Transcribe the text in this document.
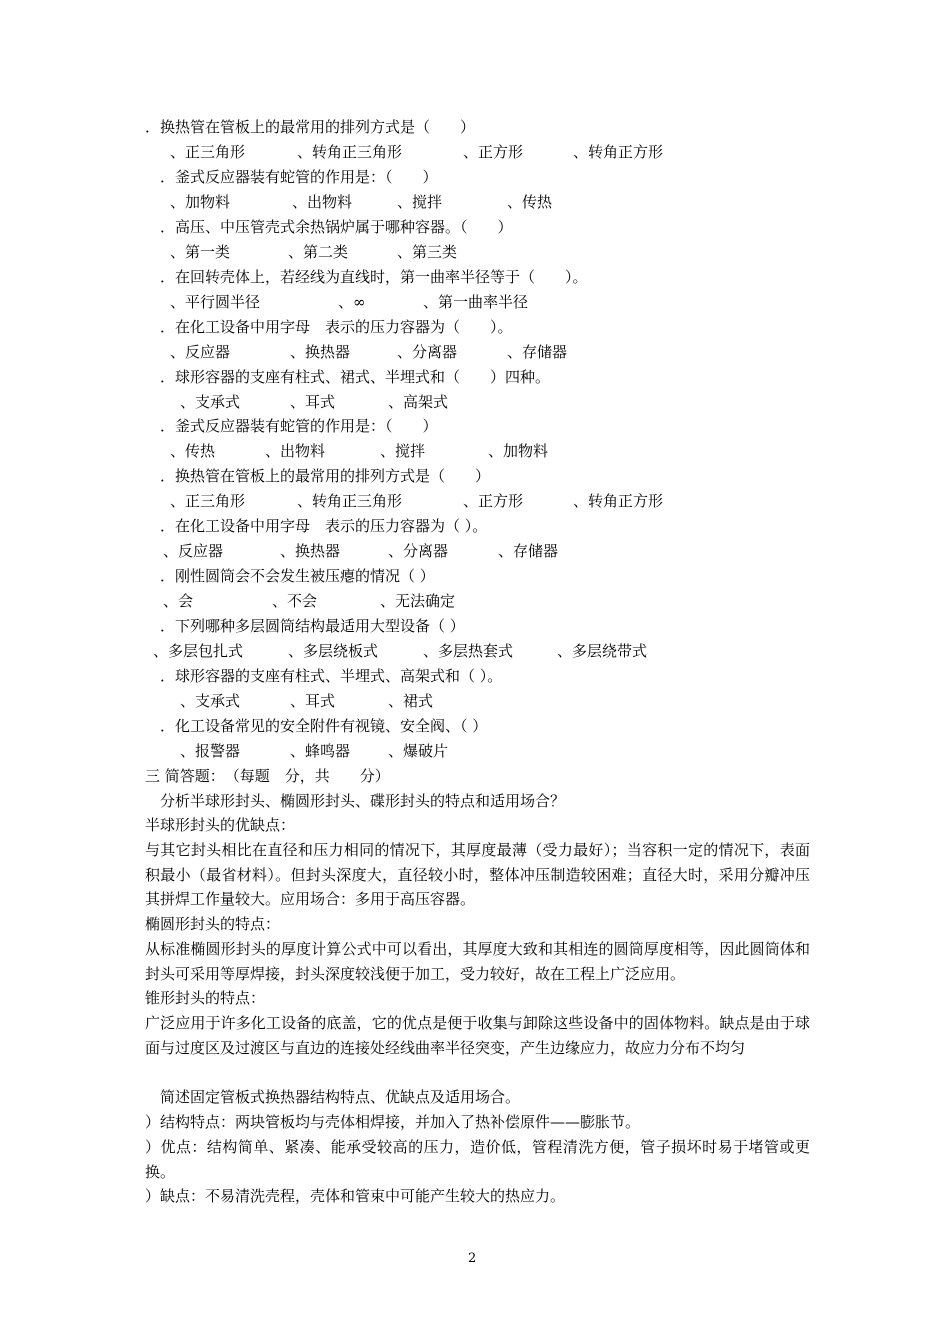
．换热管在管板上的最常用的排列方式是（　　）
、正三角形	、转角正三角形	、正方形	、转角正方形
．釜式反应器装有蛇管的作用是：（　　）
、加物料	、出物料	、搅拌	、传热
．高压、中压管壳式余热锅炉属于哪种容器。（　　）
、第一类	、第二类	、第三类
．在回转壳体上，若经线为直线时，第一曲率半径等于（　　）。
、平行圆半径	、∞	、第一曲率半径
．在化工设备中用字母　表示的压力容器为（　　）。
、反应器	、换热器	、分离器	、存储器
．球形容器的支座有柱式、裙式、半埋式和（　　）四种。
、支承式	、耳式	、高架式
．釜式反应器装有蛇管的作用是：（　　）
、传热	、出物料	、搅拌	、加物料
．换热管在管板上的最常用的排列方式是（　　）
、正三角形	、转角正三角形	、正方形	、转角正方形
．在化工设备中用字母　表示的压力容器为（ ）。
、反应器	、换热器	、分离器	、存储器
．刚性圆筒会不会发生被压瘪的情况（ ）
、会	、不会	、无法确定
．下列哪种多层圆筒结构最适用大型设备（ ）
、多层包扎式	、多层绕板式	、多层热套式	、多层绕带式
．球形容器的支座有柱式、半埋式、高架式和（ ）。
、支承式	、耳式	、裙式
．化工设备常见的安全附件有视镜、安全阀、（ ）
、报警器	、蜂鸣器	、爆破片
三 简答题：　（每题　分，共　　分）
　分析半球形封头、椭圆形封头、碟形封头的特点和适用场合？
半球形封头的优缺点：
与其它封头相比在直径和压力相同的情况下，其厚度最薄（受力最好）；当容积一定的情况下，表面积最小（最省材料）。但封头深度大，直径较小时，整体冲压制造较困难；直径大时，采用分瓣冲压其拼焊工作量较大。应用场合：多用于高压容器。
椭圆形封头的特点：
从标准椭圆形封头的厚度计算公式中可以看出，其厚度大致和其相连的圆筒厚度相等，因此圆筒体和封头可采用等厚焊接，封头深度较浅便于加工，受力较好，故在工程上广泛应用。
锥形封头的特点：
广泛应用于许多化工设备的底盖，它的优点是便于收集与卸除这些设备中的固体物料。缺点是由于球面与过度区及过渡区与直边的连接处经线曲率半径突变，产生边缘应力，故应力分布不均匀
　简述固定管板式换热器结构特点、优缺点及适用场合。
）结构特点：两块管板均与壳体相焊接，并加入了热补偿原件——膨胀节。
）优点：结构简单、紧凑、能承受较高的压力，造价低，管程清洗方便，管子损坏时易于堵管或更换。
）缺点：不易清洗壳程，壳体和管束中可能产生较大的热应力。
2
